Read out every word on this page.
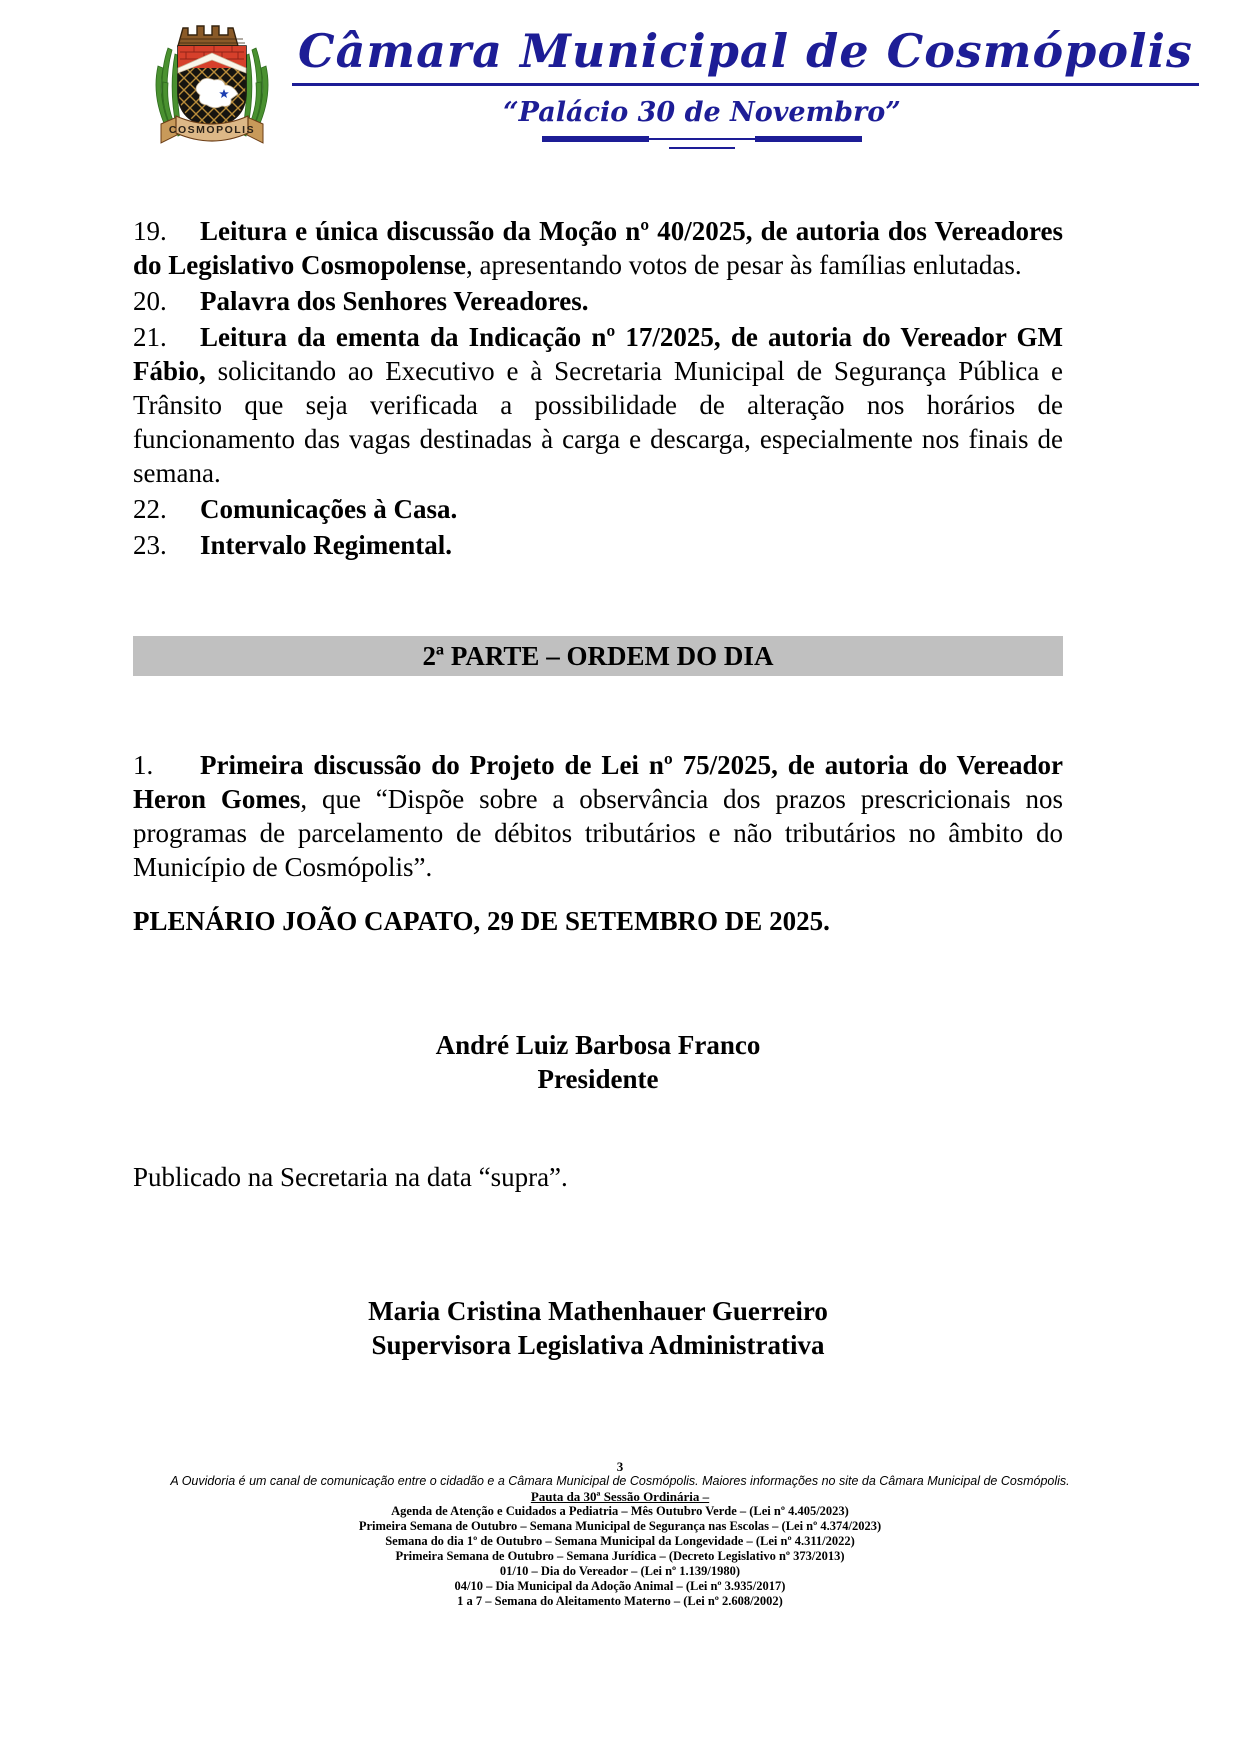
COSMOPOLIS
Câmara Municipal de Cosmópolis
“Palácio 30 de Novembro”

19. Leitura e única discussão da Moção nº 40/2025, de autoria dos Vereadores do Legislativo Cosmopolense, apresentando votos de pesar às famílias enlutadas.

20. Palavra dos Senhores Vereadores.

21. Leitura da ementa da Indicação nº 17/2025, de autoria do Vereador GM Fábio, solicitando ao Executivo e à Secretaria Municipal de Segurança Pública e Trânsito que seja verificada a possibilidade de alteração nos horários de funcionamento das vagas destinadas à carga e descarga, especialmente nos finais de semana.

22. Comunicações à Casa.

23. Intervalo Regimental.

2ª PARTE – ORDEM DO DIA

1. Primeira discussão do Projeto de Lei nº 75/2025, de autoria do Vereador Heron Gomes, que “Dispõe sobre a observância dos prazos prescricionais nos programas de parcelamento de débitos tributários e não tributários no âmbito do Município de Cosmópolis”.

PLENÁRIO JOÃO CAPATO, 29 DE SETEMBRO DE 2025.

André Luiz Barbosa Franco
Presidente

Publicado na Secretaria na data “supra”.

Maria Cristina Mathenhauer Guerreiro
Supervisora Legislativa Administrativa
3
A Ouvidoria é um canal de comunicação entre o cidadão e a Câmara Municipal de Cosmópolis. Maiores informações no site da Câmara Municipal de Cosmópolis.
Pauta da 30ª Sessão Ordinária –
Agenda de Atenção e Cuidados a Pediatria – Mês Outubro Verde – (Lei nº 4.405/2023)
Primeira Semana de Outubro – Semana Municipal de Segurança nas Escolas – (Lei nº 4.374/2023)
Semana do dia 1º de Outubro – Semana Municipal da Longevidade – (Lei nº 4.311/2022)
Primeira Semana de Outubro – Semana Jurídica – (Decreto Legislativo nº 373/2013)
01/10 – Dia do Vereador – (Lei nº 1.139/1980)
04/10 – Dia Municipal da Adoção Animal – (Lei nº 3.935/2017)
1 a 7 – Semana do Aleitamento Materno – (Lei nº 2.608/2002)
